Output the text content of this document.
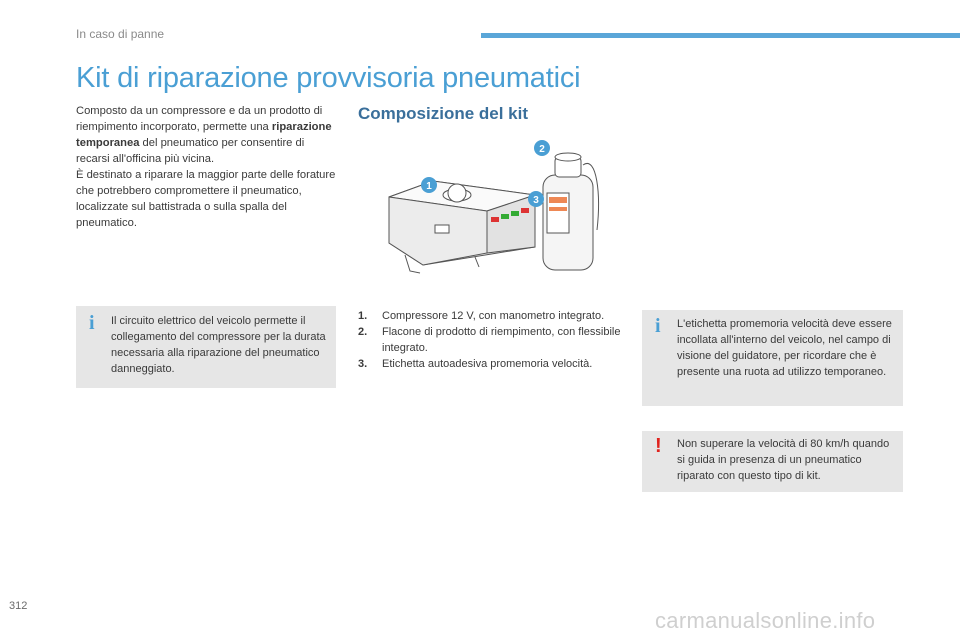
In caso di panne
Kit di riparazione provvisoria pneumatici

Composto da un compressore e da un prodotto di riempimento incorporato, permette una riparazione temporanea del pneumatico per consentire di recarsi all'officina più vicina.

È destinato a riparare la maggior parte delle forature che potrebbero compromettere il pneumatico, localizzate sul battistrada o sulla spalla del pneumatico.

i Il circuito elettrico del veicolo permette il collegamento del compressore per la durata necessaria alla riparazione del pneumatico danneggiato.
Composizione del kit
1
2
3
1. Compressore 12 V, con manometro integrato.
2. Flacone di prodotto di riempimento, con flessibile integrato.
3. Etichetta autoadesiva promemoria velocità.
i L'etichetta promemoria velocità deve essere incollata all'interno del veicolo, nel campo di visione del guidatore, per ricordare che è presente una ruota ad utilizzo temporaneo.
! Non superare la velocità di 80 km/h quando si guida in presenza di un pneumatico riparato con questo tipo di kit.
312
carmanualsonline.info
